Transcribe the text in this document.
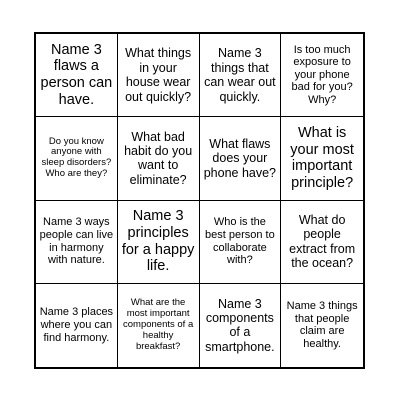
Name 3 flaws a person can have.
What things in your house wear out quickly?
Name 3 things that can wear out quickly.
Is too much exposure to your phone bad for you? Why?
Do you know anyone with sleep disorders? Who are they?
What bad habit do you want to eliminate?
What flaws does your phone have?
What is your most important principle?
Name 3 ways people can live in harmony with nature.
Name 3 principles for a happy life.
Who is the best person to collaborate with?
What do people extract from the ocean?
Name 3 places where you can find harmony.
What are the most important components of a healthy breakfast?
Name 3 components of a smartphone.
Name 3 things that people claim are healthy.
